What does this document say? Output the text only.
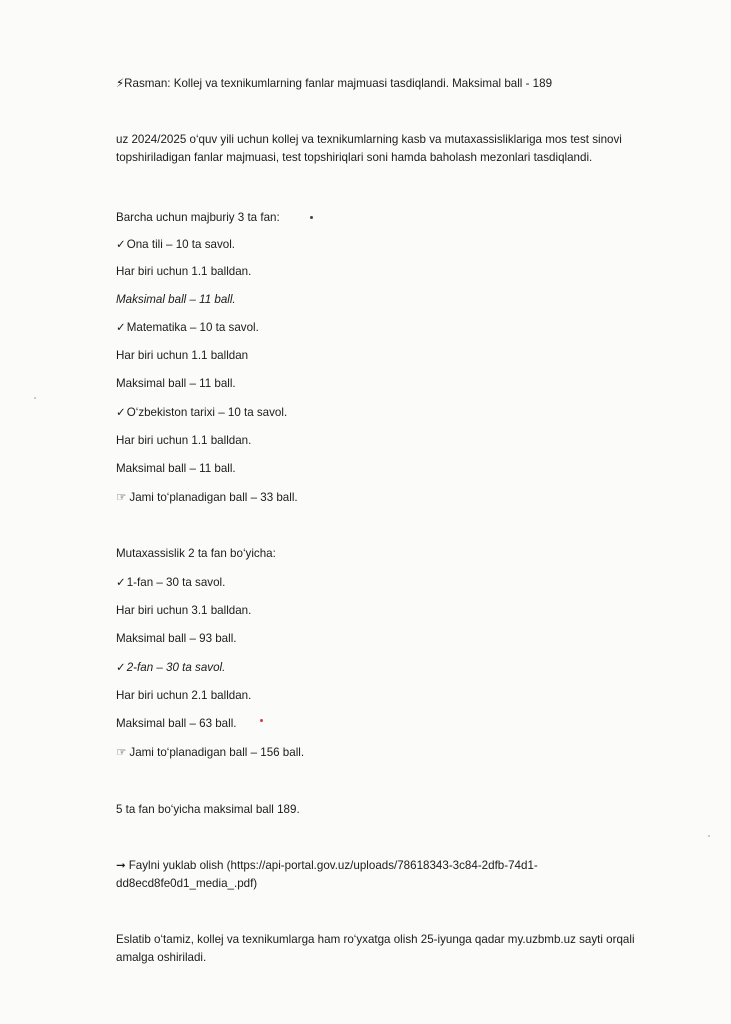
⚡Rasman: Kollej va texnikumlarning fanlar majmuasi tasdiqlandi. Maksimal ball - 189
uz 2024/2025 o‘quv yili uchun kollej va texnikumlarning kasb va mutaxassisliklariga mos test sinovi
topshiriladigan fanlar majmuasi, test topshiriqlari soni hamda baholash mezonlari tasdiqlandi.
Barcha uchun majburiy 3 ta fan:
✓Ona tili – 10 ta savol.
Har biri uchun 1.1 balldan.
Maksimal ball – 11 ball.
✓Matematika – 10 ta savol.
Har biri uchun 1.1 balldan
Maksimal ball – 11 ball.
✓O‘zbekiston tarixi – 10 ta savol.
Har biri uchun 1.1 balldan.
Maksimal ball – 11 ball.
☞ Jami to‘planadigan ball – 33 ball.
Mutaxassislik 2 ta fan bo‘yicha:
✓1-fan – 30 ta savol.
Har biri uchun 3.1 balldan.
Maksimal ball – 93 ball.
✓2-fan – 30 ta savol.
Har biri uchun 2.1 balldan.
Maksimal ball – 63 ball.
☞ Jami to‘planadigan ball – 156 ball.
5 ta fan bo‘yicha maksimal ball 189.
➞ Faylni yuklab olish (https://api-portal.gov.uz/uploads/78618343-3c84-2dfb-74d1-
dd8ecd8fe0d1_media_.pdf)
Eslatib o‘tamiz, kollej va texnikumlarga ham ro‘yxatga olish 25-iyunga qadar my.uzbmb.uz sayti orqali
amalga oshiriladi.
